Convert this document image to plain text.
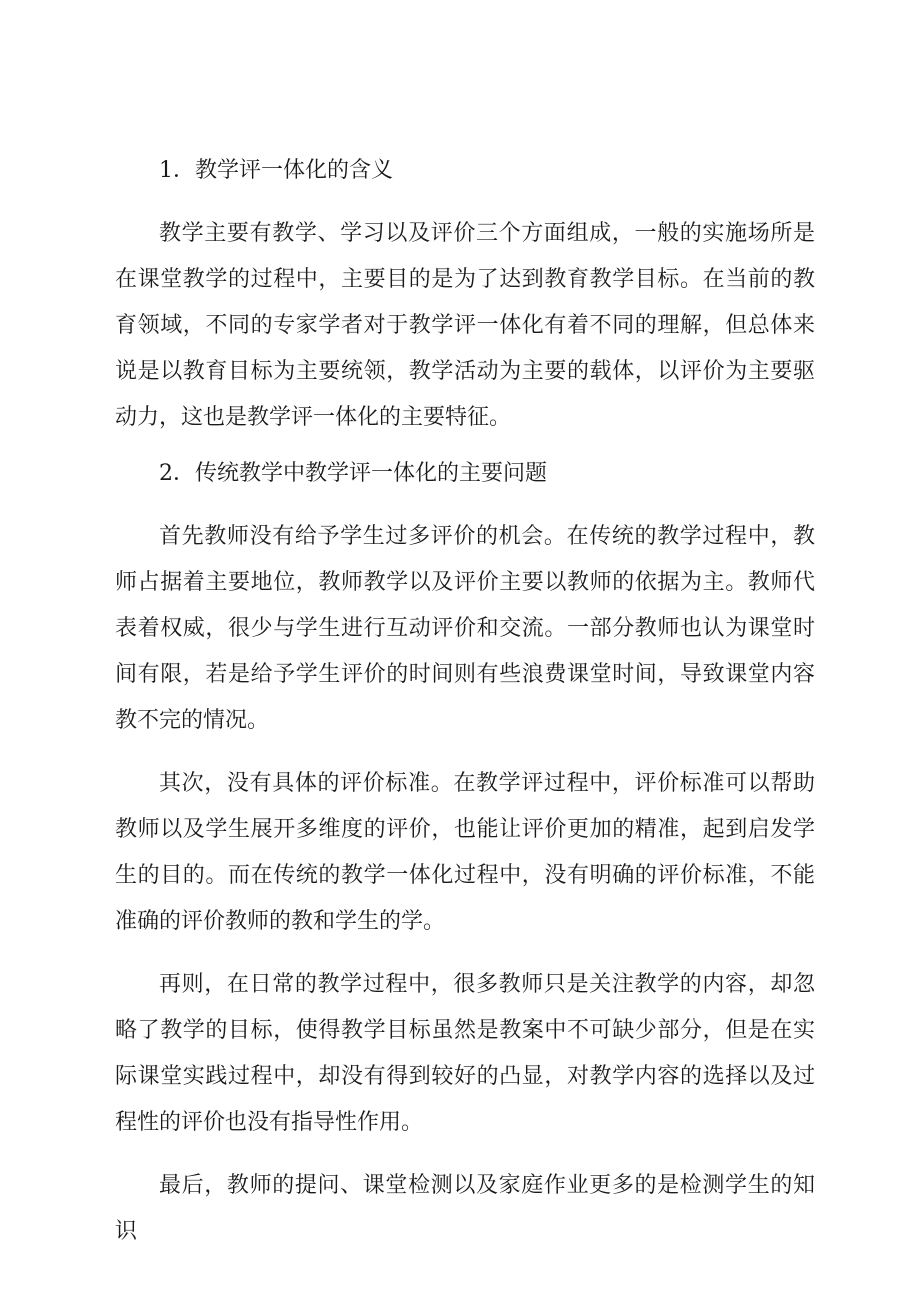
1．教学评一体化的含义

教学主要有教学、学习以及评价三个方面组成，一般的实施场所是在课堂教学的过程中，主要目的是为了达到教育教学目标。在当前的教育领域，不同的专家学者对于教学评一体化有着不同的理解，但总体来说是以教育目标为主要统领，教学活动为主要的载体，以评价为主要驱动力，这也是教学评一体化的主要特征。

2．传统教学中教学评一体化的主要问题

首先教师没有给予学生过多评价的机会。在传统的教学过程中，教师占据着主要地位，教师教学以及评价主要以教师的依据为主。教师代表着权威，很少与学生进行互动评价和交流。一部分教师也认为课堂时间有限，若是给予学生评价的时间则有些浪费课堂时间，导致课堂内容教不完的情况。

其次，没有具体的评价标准。在教学评过程中，评价标准可以帮助教师以及学生展开多维度的评价，也能让评价更加的精准，起到启发学生的目的。而在传统的教学一体化过程中，没有明确的评价标准，不能准确的评价教师的教和学生的学。

再则，在日常的教学过程中，很多教师只是关注教学的内容，却忽略了教学的目标，使得教学目标虽然是教案中不可缺少部分，但是在实际课堂实践过程中，却没有得到较好的凸显，对教学内容的选择以及过程性的评价也没有指导性作用。

最后，教师的提问、课堂检测以及家庭作业更多的是检测学生的知识
